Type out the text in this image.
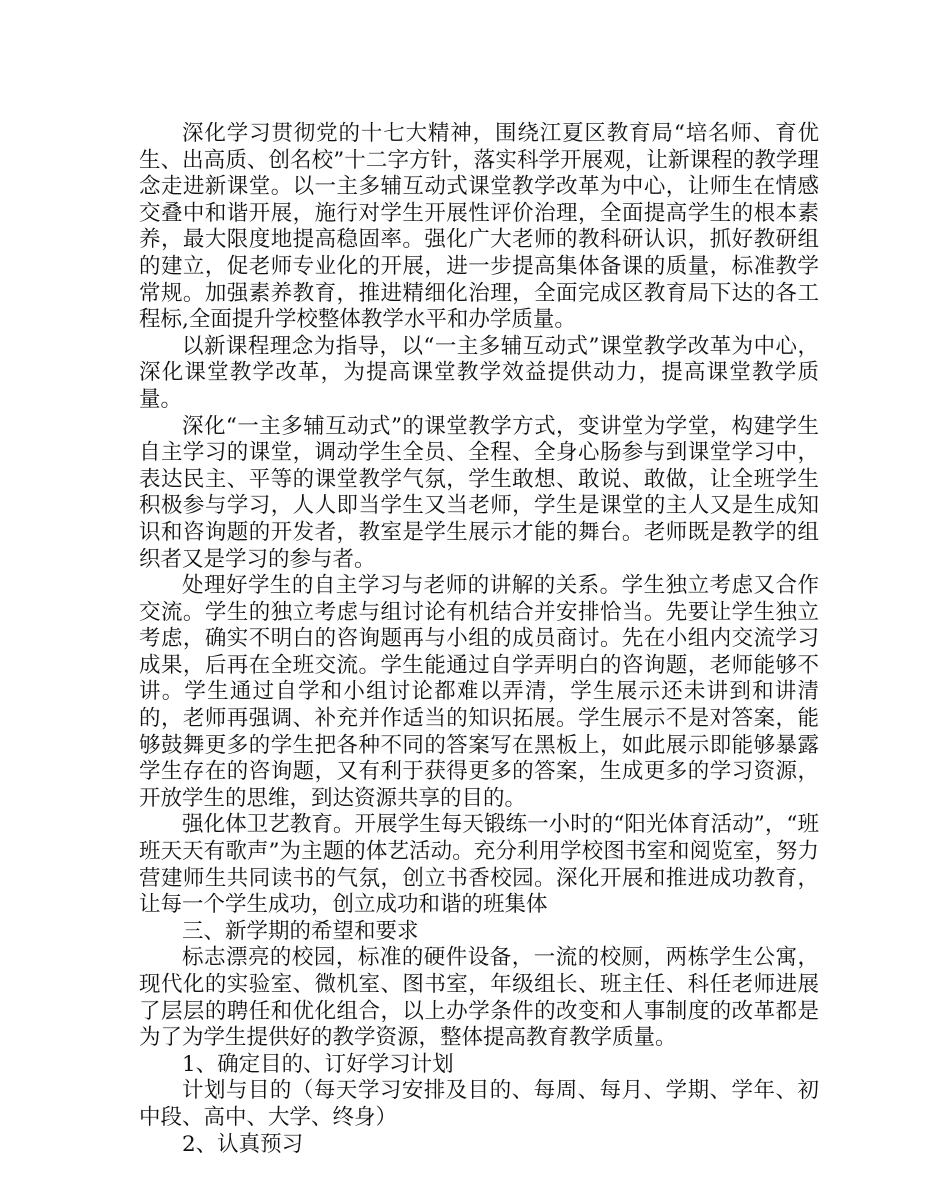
深化学习贯彻党的十七大精神，围绕江夏区教育局“培名师、育优生、出高质、创名校”十二字方针，落实科学开展观，让新课程的教学理念走进新课堂。以一主多辅互动式课堂教学改革为中心，让师生在情感交叠中和谐开展，施行对学生开展性评价治理，全面提高学生的根本素养，最大限度地提高稳固率。强化广大老师的教科研认识，抓好教研组的建立，促老师专业化的开展，进一步提高集体备课的质量，标准教学常规。加强素养教育，推进精细化治理，全面完成区教育局下达的各工程标,全面提升学校整体教学水平和办学质量。

以新课程理念为指导，以“一主多辅互动式”课堂教学改革为中心，深化课堂教学改革，为提高课堂教学效益提供动力，提高课堂教学质量。

深化“一主多辅互动式”的课堂教学方式，变讲堂为学堂，构建学生自主学习的课堂，调动学生全员、全程、全身心肠参与到课堂学习中，表达民主、平等的课堂教学气氛，学生敢想、敢说、敢做，让全班学生积极参与学习，人人即当学生又当老师，学生是课堂的主人又是生成知识和咨询题的开发者，教室是学生展示才能的舞台。老师既是教学的组织者又是学习的参与者。

处理好学生的自主学习与老师的讲解的关系。学生独立考虑又合作交流。学生的独立考虑与组讨论有机结合并安排恰当。先要让学生独立考虑，确实不明白的咨询题再与小组的成员商讨。先在小组内交流学习成果，后再在全班交流。学生能通过自学弄明白的咨询题，老师能够不讲。学生通过自学和小组讨论都难以弄清，学生展示还未讲到和讲清的，老师再强调、补充并作适当的知识拓展。学生展示不是对答案，能够鼓舞更多的学生把各种不同的答案写在黑板上，如此展示即能够暴露学生存在的咨询题，又有利于获得更多的答案，生成更多的学习资源，开放学生的思维，到达资源共享的目的。

强化体卫艺教育。开展学生每天锻练一小时的“阳光体育活动”，“班班天天有歌声”为主题的体艺活动。充分利用学校图书室和阅览室，努力营建师生共同读书的气氛，创立书香校园。深化开展和推进成功教育，让每一个学生成功，创立成功和谐的班集体

三、新学期的希望和要求

标志漂亮的校园，标准的硬件设备，一流的校厕，两栋学生公寓，现代化的实验室、微机室、图书室，年级组长、班主任、科任老师进展了层层的聘任和优化组合，以上办学条件的改变和人事制度的改革都是为了为学生提供好的教学资源，整体提高教育教学质量。

1、确定目的、订好学习计划

计划与目的（每天学习安排及目的、每周、每月、学期、学年、初中段、高中、大学、终身）

2、认真预习
